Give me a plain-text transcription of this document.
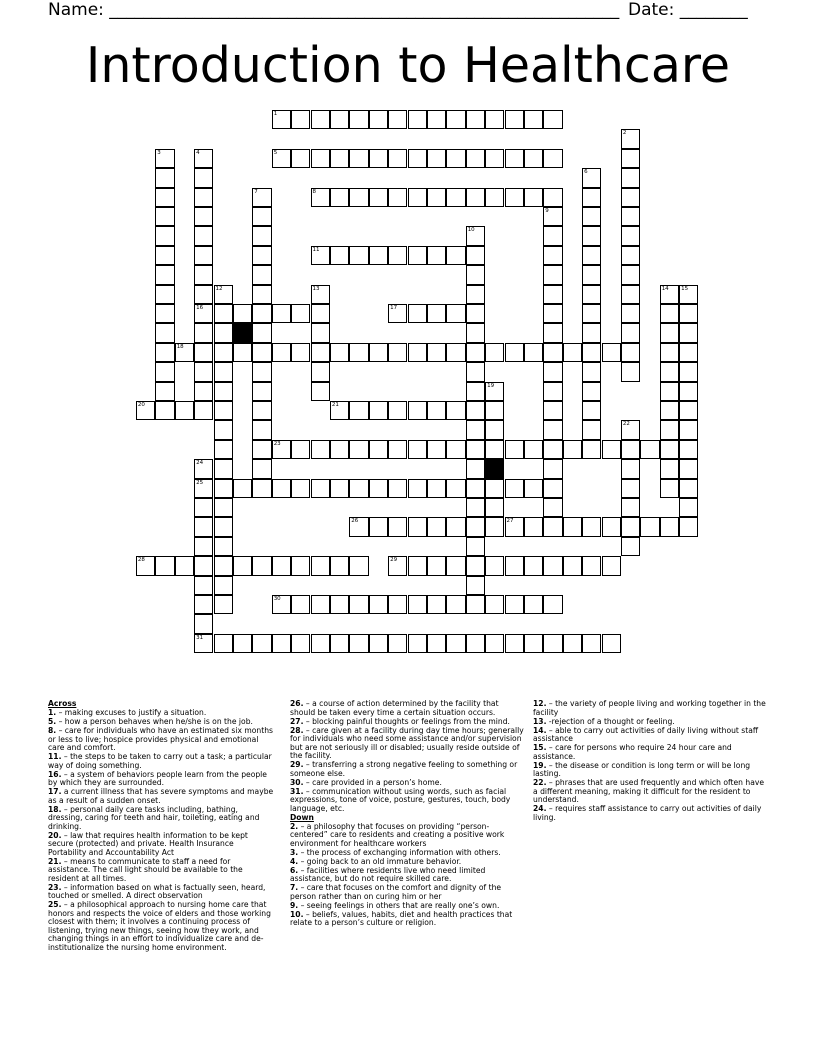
Name: ____________________________________________________________ Date: ________
Introduction to Healthcare
1
2
3	4
16
5
6
7	8
9
10
11
12	13	14 15
17
18
19
20	21
22
23
24
25
26	27
28	29
30
31
Across
1. – making excuses to justify a situation.
5. – how a person behaves when he/she is on the job.
8. – care for individuals who have an estimated six months or less to live; hospice provides physical and emotional care and comfort.
11. – the steps to be taken to carry out a task; a particular way of doing something.
16. – a system of behaviors people learn from the people by which they are surrounded.
17. a current illness that has severe symptoms and maybe as a result of a sudden onset.
18. – personal daily care tasks including, bathing, dressing, caring for teeth and hair, toileting, eating and drinking.
20. – law that requires health information to be kept secure (protected) and private. Health Insurance Portability and Accountability Act
21. – means to communicate to staff a need for assistance. The call light should be available to the resident at all times.
23. – information based on what is factually seen, heard, touched or smelled. A direct observation
25. – a philosophical approach to nursing home care that honors and respects the voice of elders and those working closest with them; it involves a continuing process of listening, trying new things, seeing how they work, and changing things in an effort to individualize care and de-institutionalize the nursing home environment.
26. – a course of action determined by the facility that should be taken every time a certain situation occurs.
27. – blocking painful thoughts or feelings from the mind.
28. – care given at a facility during day time hours; generally for individuals who need some assistance and/or supervision but are not seriously ill or disabled; usually reside outside of the facility.
29. – transferring a strong negative feeling to something or someone else.
30. – care provided in a person’s home.
31. – communication without using words, such as facial expressions, tone of voice, posture, gestures, touch, body language, etc.
Down
2. – a philosophy that focuses on providing “person-centered” care to residents and creating a positive work environment for healthcare workers
3. – the process of exchanging information with others.
4. – going back to an old immature behavior.
6. – facilities where residents live who need limited assistance, but do not require skilled care.
7. – care that focuses on the comfort and dignity of the person rather than on curing him or her
9. – seeing feelings in others that are really one’s own.
10. – beliefs, values, habits, diet and health practices that relate to a person’s culture or religion.
12. – the variety of people living and working together in the facility
13. -rejection of a thought or feeling.
14. – able to carry out activities of daily living without staff assistance
15. – care for persons who require 24 hour care and assistance.
19. – the disease or condition is long term or will be long lasting.
22. – phrases that are used frequently and which often have a different meaning, making it difficult for the resident to understand.
24. – requires staff assistance to carry out activities of daily living.
